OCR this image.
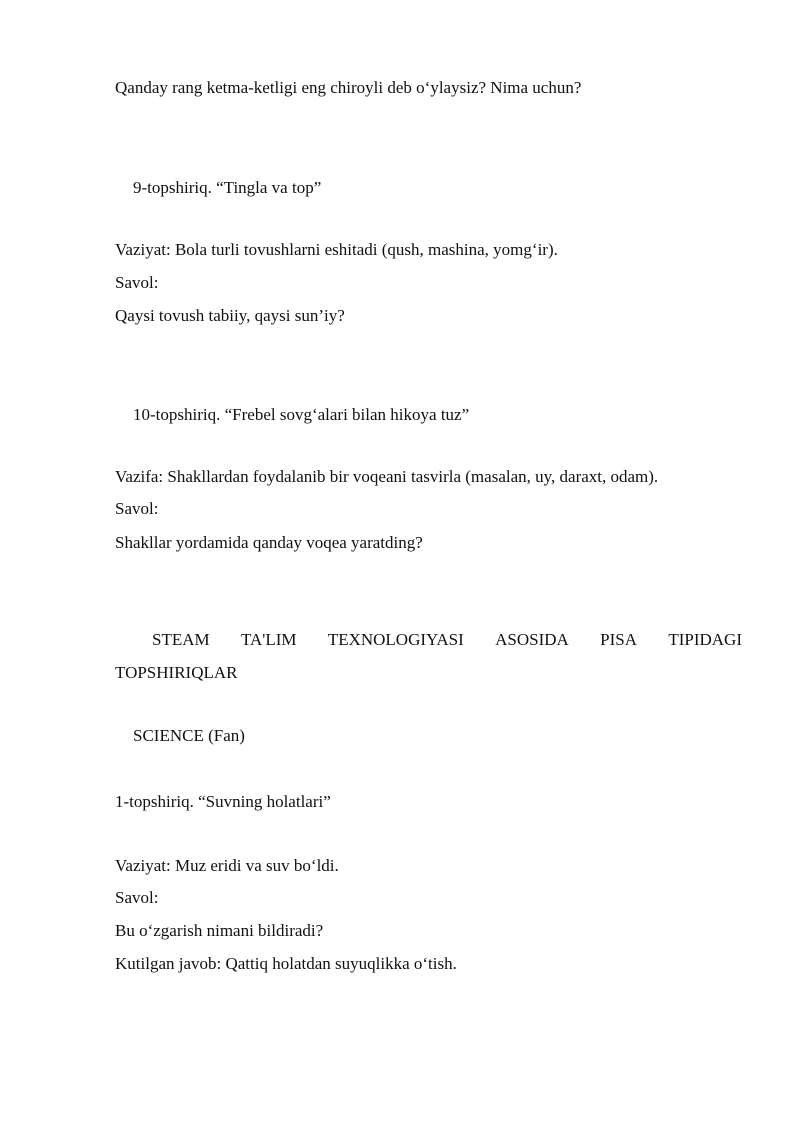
Qanday rang ketma-ketligi eng chiroyli deb o‘ylaysiz? Nima uchun?
9-topshiriq. “Tingla va top”
Vaziyat: Bola turli tovushlarni eshitadi (qush, mashina, yomg‘ir).
Savol:
Qaysi tovush tabiiy, qaysi sun’iy?
10-topshiriq. “Frebel sovg‘alari bilan hikoya tuz”
Vazifa: Shakllardan foydalanib bir voqeani tasvirla (masalan, uy, daraxt, odam).
Savol:
Shakllar yordamida qanday voqea yaratding?
STEAM TA'LIM TEXNOLOGIYASI ASOSIDA PISA TIPIDAGI
TOPSHIRIQLAR
SCIENCE (Fan)
1-topshiriq. “Suvning holatlari”
Vaziyat: Muz eridi va suv bo‘ldi.
Savol:
Bu o‘zgarish nimani bildiradi?
Kutilgan javob: Qattiq holatdan suyuqlikka o‘tish.
